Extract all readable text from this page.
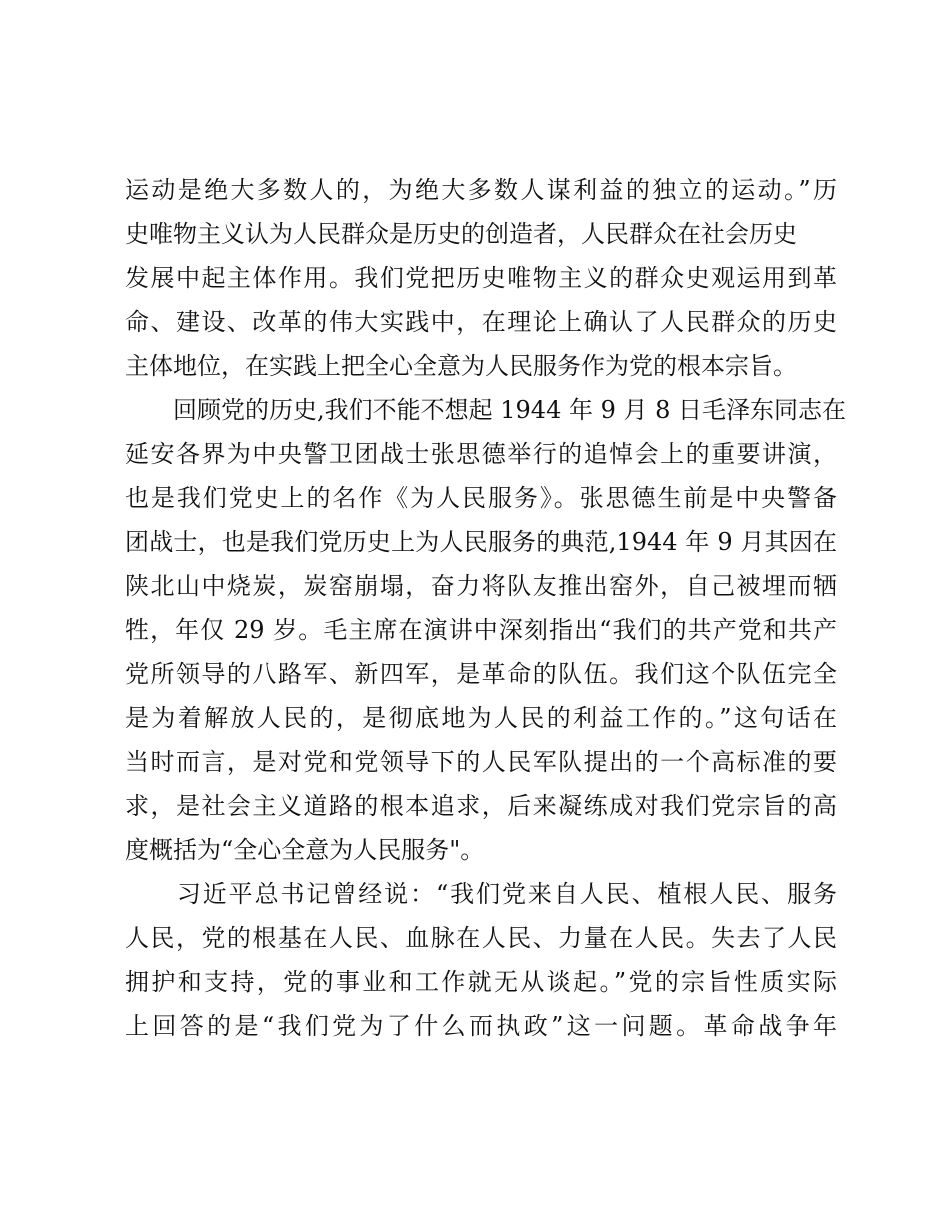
运动是绝大多数人的，为绝大多数人谋利益的独立的运动。”历
史唯物主义认为人民群众是历史的创造者，人民群众在社会历史
发展中起主体作用。我们党把历史唯物主义的群众史观运用到革
命、建设、改革的伟大实践中，在理论上确认了人民群众的历史
主体地位，在实践上把全心全意为人民服务作为党的根本宗旨。
　　回顾党的历史,我们不能不想起 1944 年 9 月 8 日毛泽东同志在
延安各界为中央警卫团战士张思德举行的追悼会上的重要讲演，
也是我们党史上的名作《为人民服务》。张思德生前是中央警备
团战士，也是我们党历史上为人民服务的典范,1944 年 9 月其因在
陕北山中烧炭，炭窑崩塌，奋力将队友推出窑外，自己被埋而牺
牲，年仅 29 岁。毛主席在演讲中深刻指出“我们的共产党和共产
党所领导的八路军、新四军，是革命的队伍。我们这个队伍完全
是为着解放人民的，是彻底地为人民的利益工作的。”这句话在
当时而言，是对党和党领导下的人民军队提出的一个高标准的要
求，是社会主义道路的根本追求，后来凝练成对我们党宗旨的高
度概括为“全心全意为人民服务"。
　　习近平总书记曾经说：“我们党来自人民、植根人民、服务
人民，党的根基在人民、血脉在人民、力量在人民。失去了人民
拥护和支持，党的事业和工作就无从谈起。”党的宗旨性质实际
上回答的是“我们党为了什么而执政”这一问题。革命战争年
